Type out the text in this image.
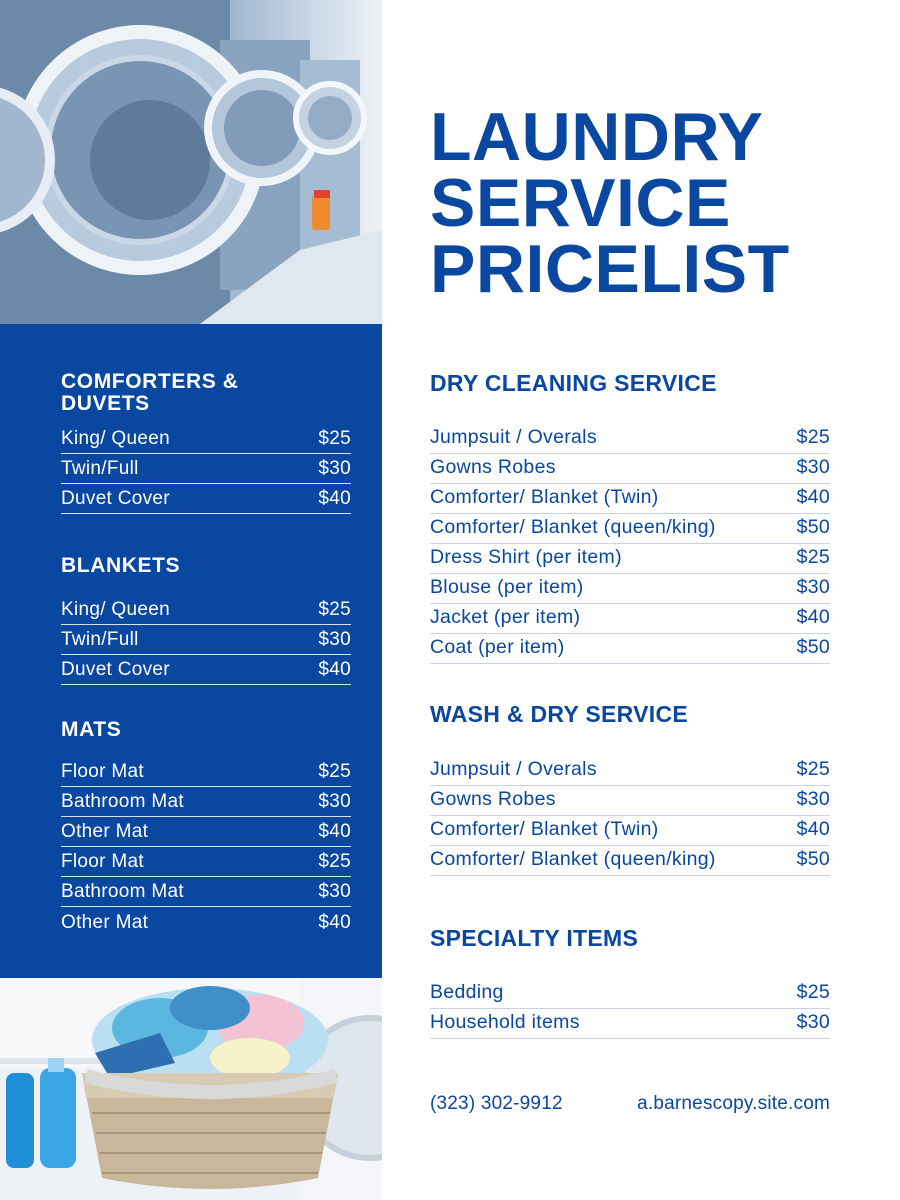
COMFORTERS &
DUVETS
King/ Queen	$25
Twin/Full	$30
Duvet Cover	$40
BLANKETS
King/ Queen	$25
Twin/Full	$30
Duvet Cover	$40
MATS
Floor Mat	$25
Bathroom Mat	$30
Other Mat	$40
Floor Mat	$25
Bathroom Mat	$30
Other Mat	$40
LAUNDRY
SERVICE
PRICELIST
DRY CLEANING SERVICE
Jumpsuit / Overals	$25
Gowns Robes	$30
Comforter/ Blanket (Twin)	$40
Comforter/ Blanket (queen/king)	$50
Dress Shirt (per item)	$25
Blouse (per item)	$30
Jacket (per item)	$40
Coat (per item)	$50
WASH & DRY SERVICE
Jumpsuit / Overals	$25
Gowns Robes	$30
Comforter/ Blanket (Twin)	$40
Comforter/ Blanket (queen/king)	$50
SPECIALTY ITEMS
Bedding	$25
Household items	$30
(323) 302-9912	a.barnescopy.site.com
